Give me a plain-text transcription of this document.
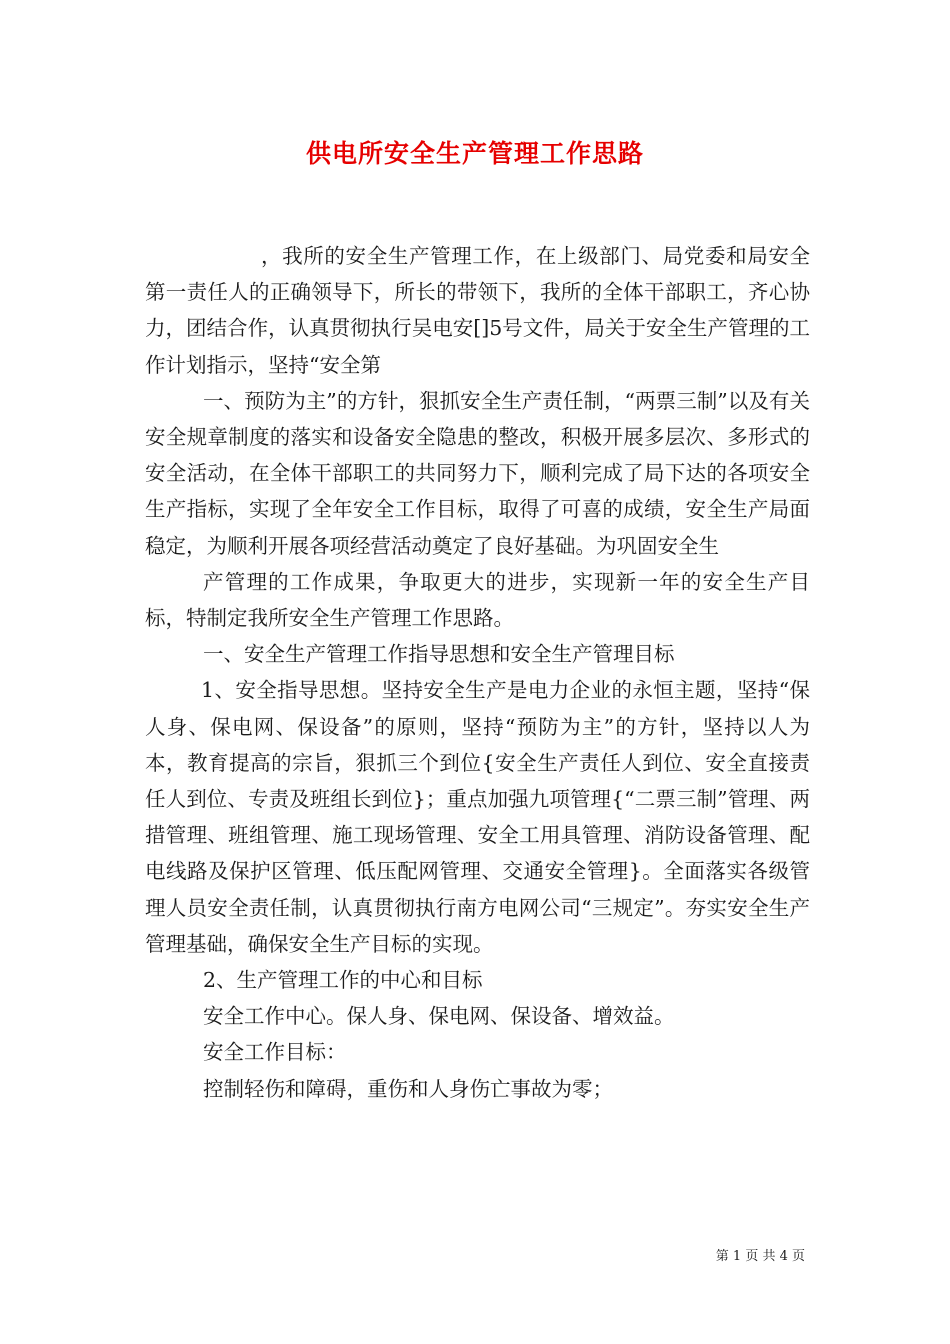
供电所安全生产管理工作思路

，我所的安全生产管理工作，在上级部门、局党委和局安全第一责任人的正确领导下，所长的带领下，我所的全体干部职工，齐心协力，团结合作，认真贯彻执行吴电安[]5号文件，局关于安全生产管理的工作计划指示，坚持“安全第

一、预防为主”的方针，狠抓安全生产责任制，“两票三制”以及有关安全规章制度的落实和设备安全隐患的整改，积极开展多层次、多形式的安全活动，在全体干部职工的共同努力下，顺利完成了局下达的各项安全生产指标，实现了全年安全工作目标，取得了可喜的成绩，安全生产局面稳定，为顺利开展各项经营活动奠定了良好基础。为巩固安全生

产管理的工作成果，争取更大的进步，实现新一年的安全生产目标，特制定我所安全生产管理工作思路。

一、安全生产管理工作指导思想和安全生产管理目标

1、安全指导思想。坚持安全生产是电力企业的永恒主题，坚持“保人身、保电网、保设备”的原则，坚持“预防为主”的方针，坚持以人为本，教育提高的宗旨，狠抓三个到位{安全生产责任人到位、安全直接责任人到位、专责及班组长到位}；重点加强九项管理{“二票三制”管理、两措管理、班组管理、施工现场管理、安全工用具管理、消防设备管理、配电线路及保护区管理、低压配网管理、交通安全管理}。全面落实各级管理人员安全责任制，认真贯彻执行南方电网公司“三规定”。夯实安全生产管理基础，确保安全生产目标的实现。

2、生产管理工作的中心和目标

安全工作中心。保人身、保电网、保设备、增效益。

安全工作目标：

控制轻伤和障碍，重伤和人身伤亡事故为零；

第 1 页 共 4 页
